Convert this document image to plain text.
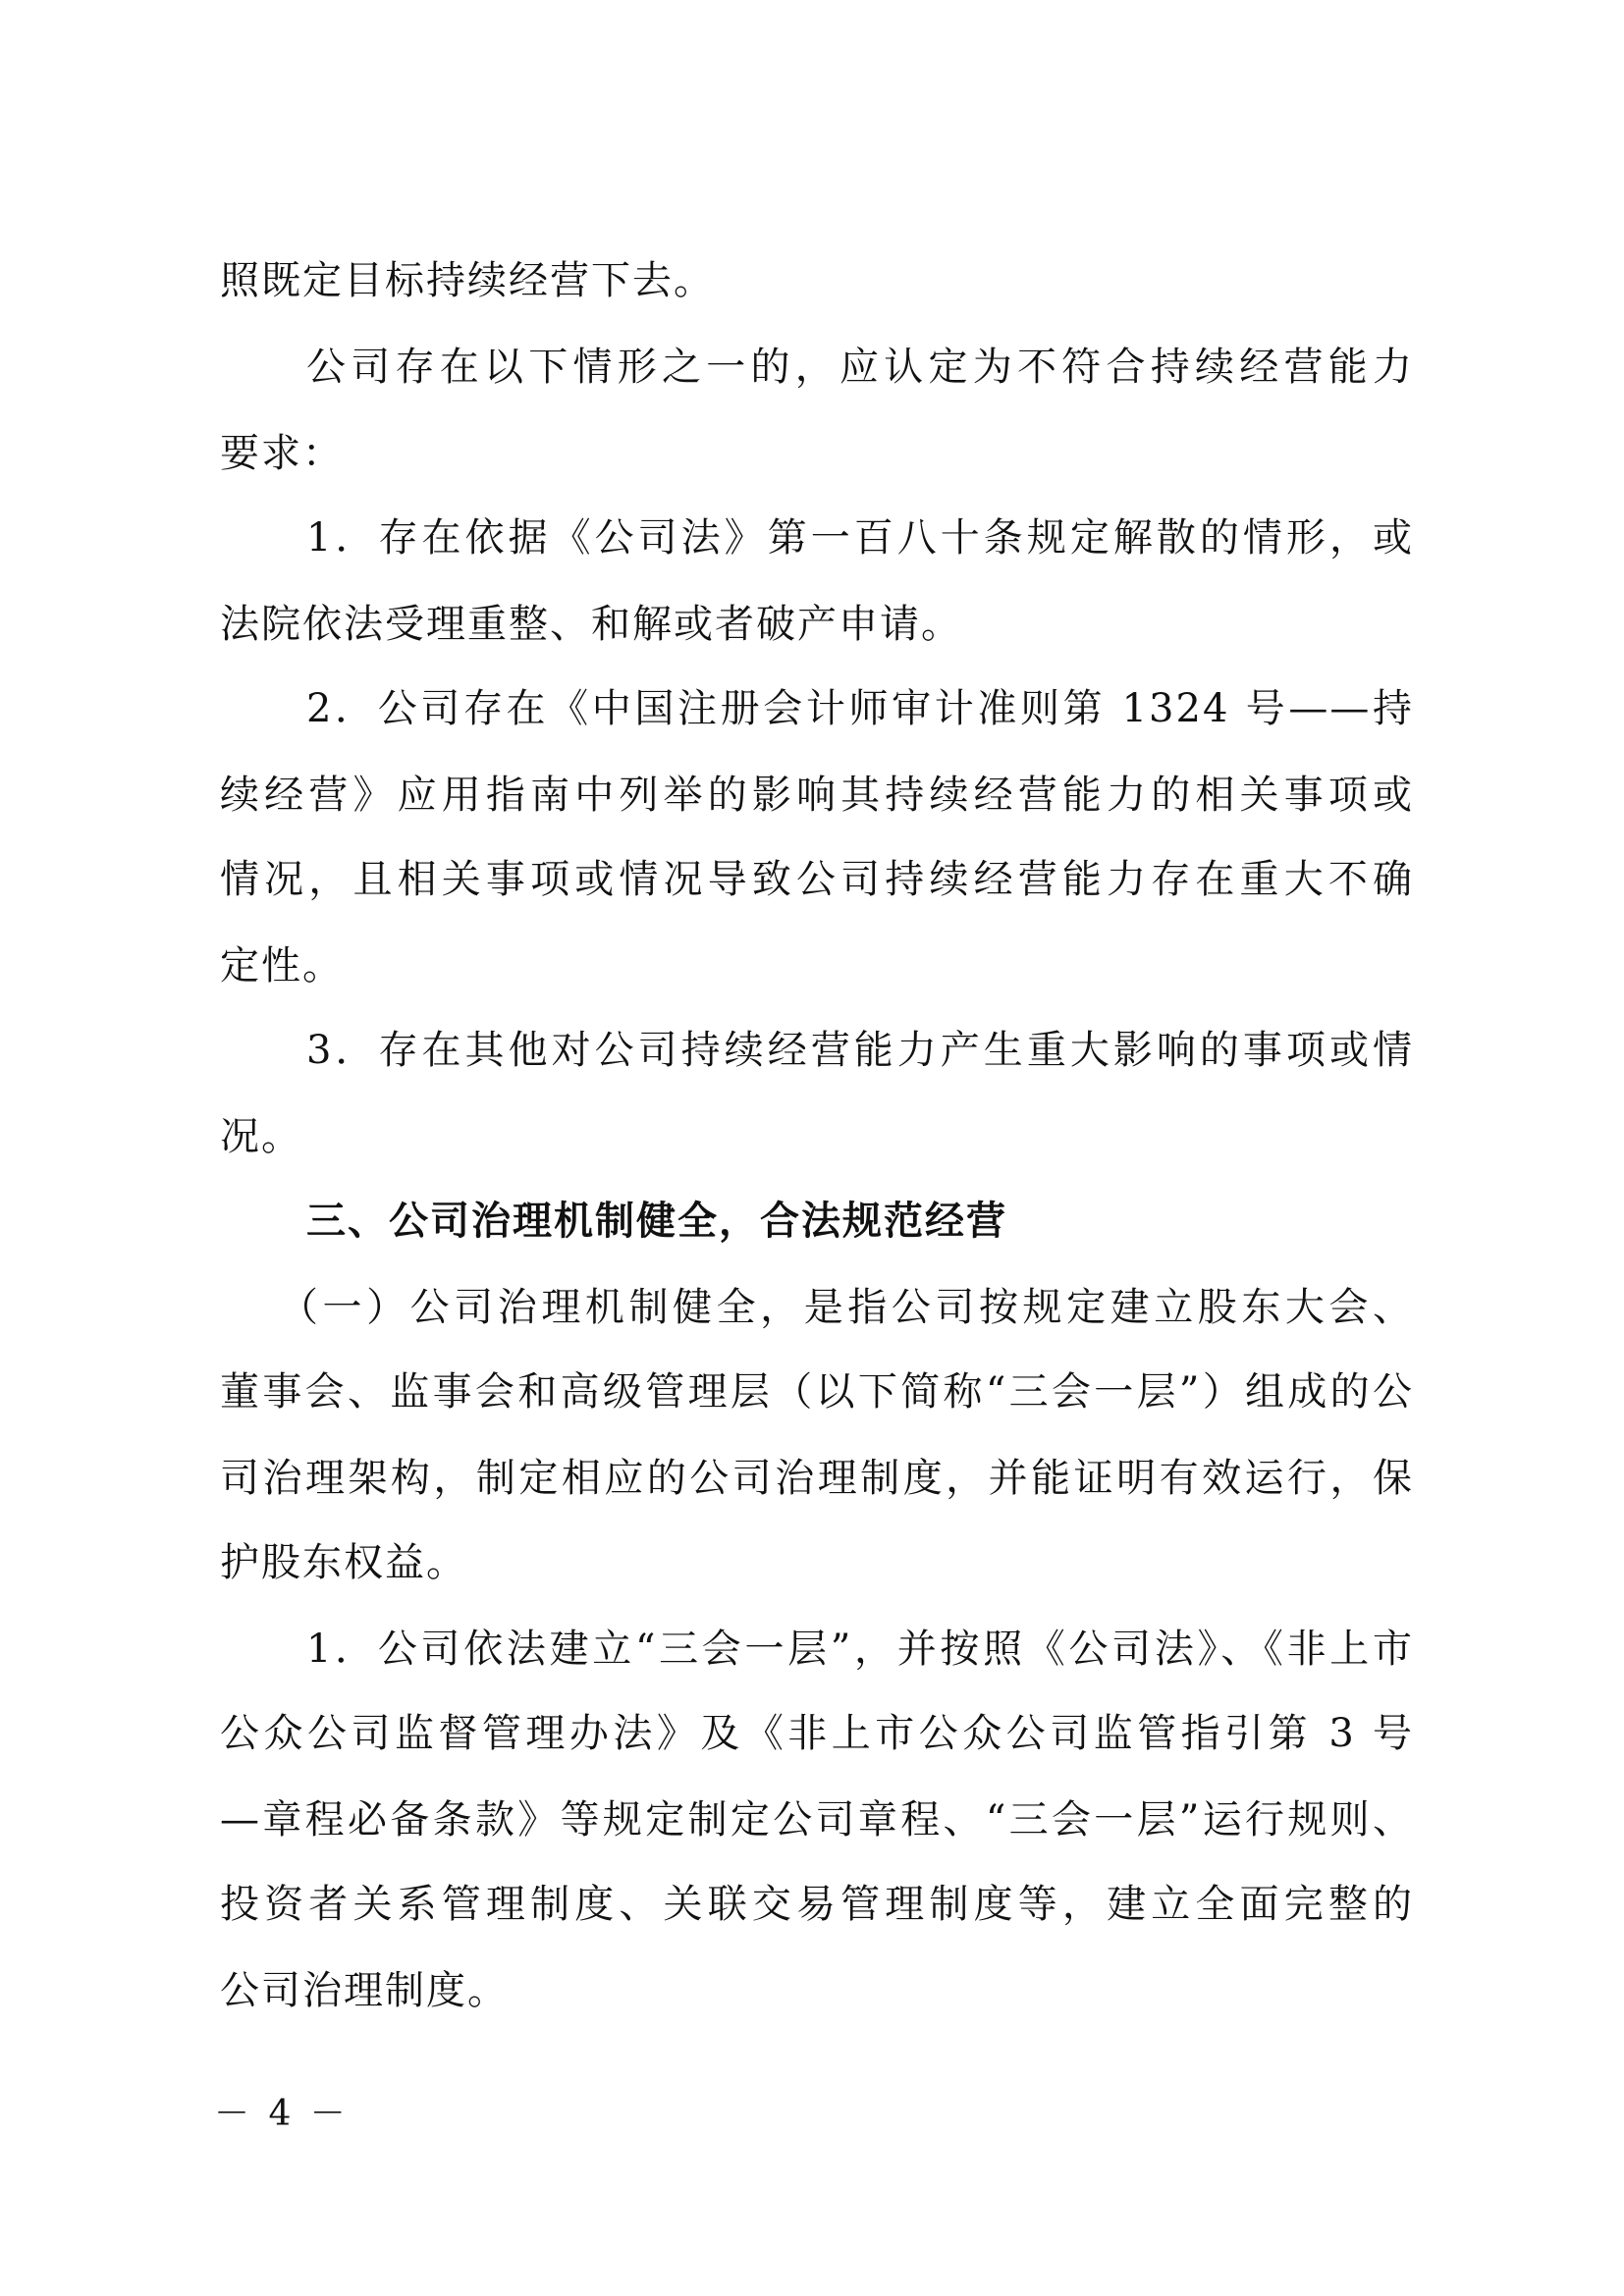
照既定目标持续经营下去。
公司存在以下情形之一的，应认定为不符合持续经营能力
要求：
1．存在依据《公司法》第一百八十条规定解散的情形，或
法院依法受理重整、和解或者破产申请。
2．公司存在《中国注册会计师审计准则第 1324 号——持
续经营》应用指南中列举的影响其持续经营能力的相关事项或
情况，且相关事项或情况导致公司持续经营能力存在重大不确
定性。
3．存在其他对公司持续经营能力产生重大影响的事项或情
况。
三、公司治理机制健全，合法规范经营
（一）公司治理机制健全，是指公司按规定建立股东大会、
董事会、监事会和高级管理层（以下简称“三会一层”）组成的公
司治理架构，制定相应的公司治理制度，并能证明有效运行，保
护股东权益。
1．公司依法建立“三会一层”，并按照《公司法》、《非上市
公众公司监督管理办法》及《非上市公众公司监管指引第 3 号
—章程必备条款》等规定制定公司章程、“三会一层”运行规则、
投资者关系管理制度、关联交易管理制度等，建立全面完整的
公司治理制度。
－ 4 －
